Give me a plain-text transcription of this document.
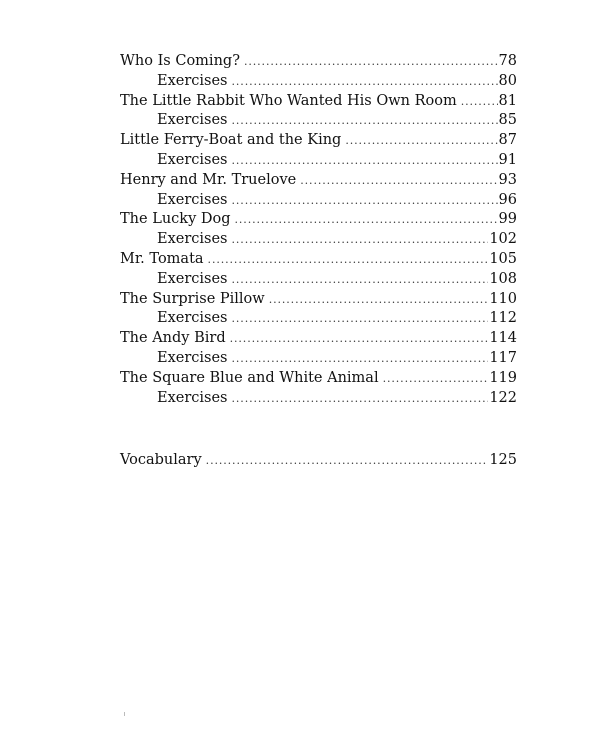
Who Is Coming? .....	78
Exercises .....	80
The Little Rabbit Who Wanted His Own Room .....	81
Exercises .....	85
Little Ferry-Boat and the King .....	87
Exercises .....	91
Henry and Mr. Truelove .....	93
Exercises .....	96
The Lucky Dog .....	99
Exercises .....	102
Mr. Tomata .....	105
Exercises .....	108
The Surprise Pillow .....	110
Exercises .....	112
The Andy Bird .....	114
Exercises .....	117
The Square Blue and White Animal .....	119
Exercises .....	122
Vocabulary .....	125
